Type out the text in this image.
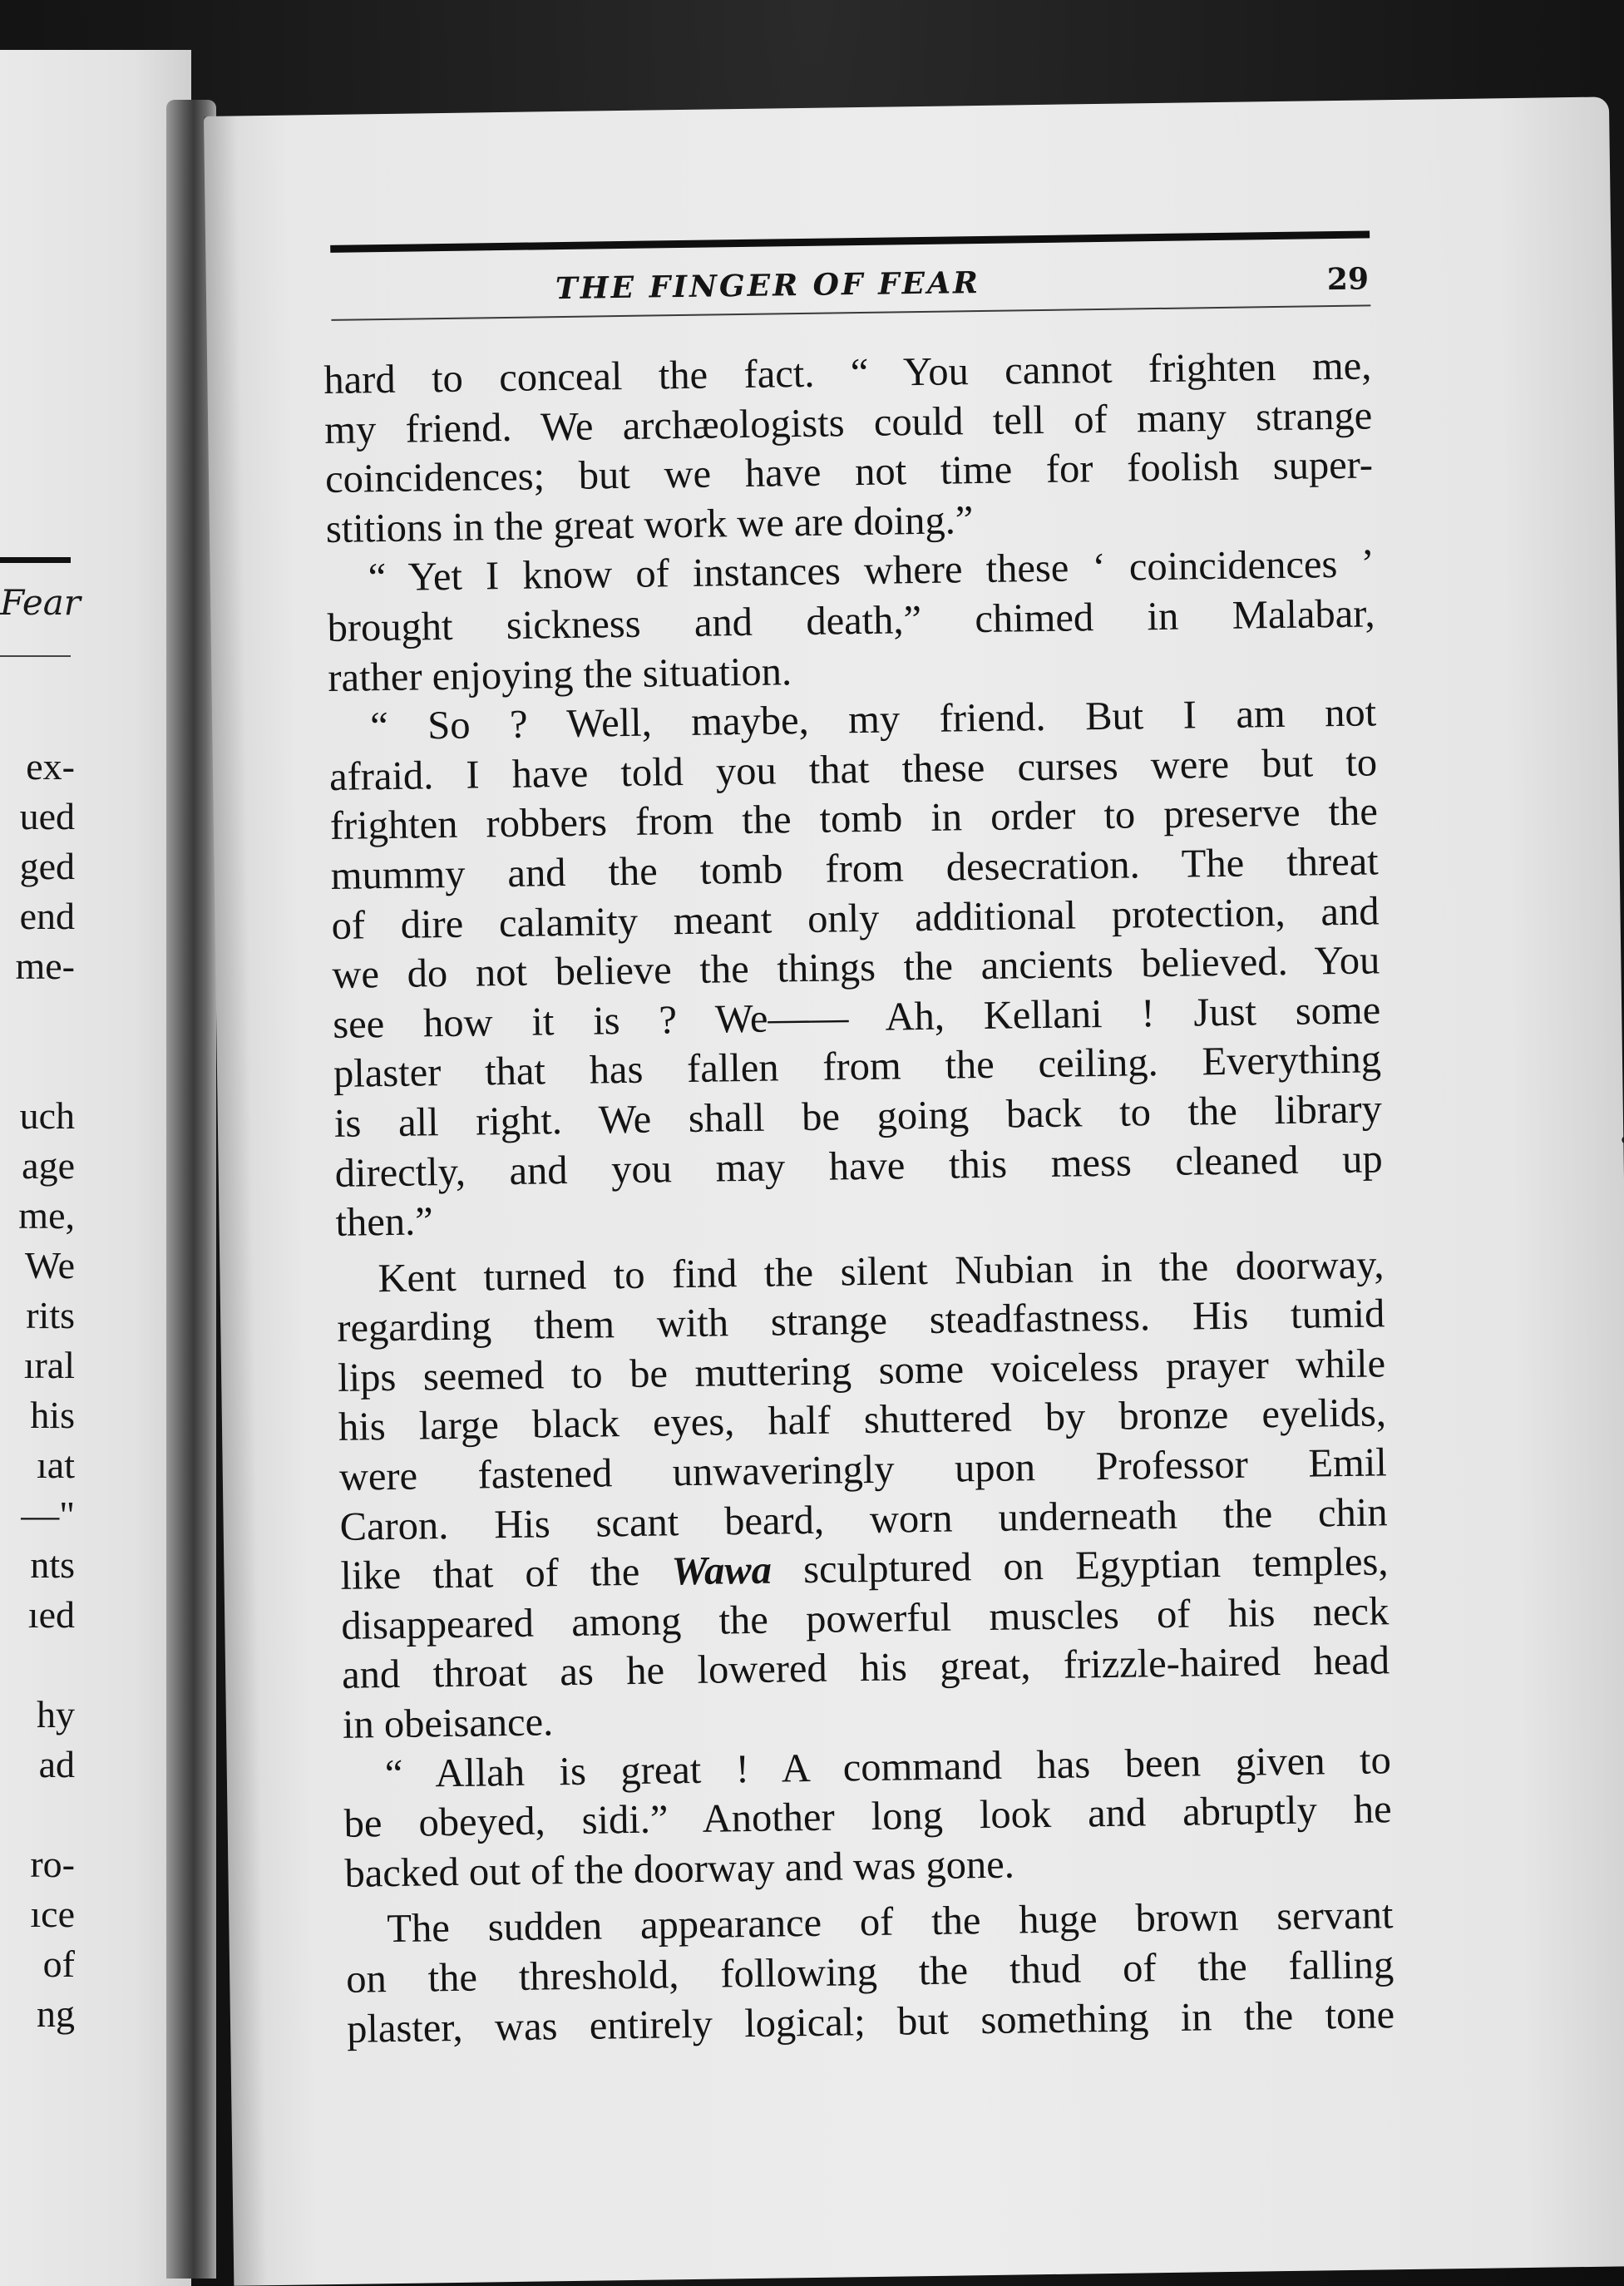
Fear
ex-
ued
ged
end
me-
uch
age
me,
We
rits
ıral
his
ıat
—"
nts
ıed
hy
ad
ro-
ıce
of
ng
THE FINGER OF FEAR	29
hard to conceal the fact. “ You cannot frighten me,
my friend. We archæologists could tell of many strange
coincidences; but we have not time for foolish super-
stitions in the great work we are doing.”
“ Yet I know of instances where these ‘ coincidences ’
brought sickness and death,” chimed in Malabar,
rather enjoying the situation.
“ So ? Well, maybe, my friend. But I am not
afraid. I have told you that these curses were but to
frighten robbers from the tomb in order to preserve the
mummy and the tomb from desecration. The threat
of dire calamity meant only additional protection, and
we do not believe the things the ancients believed. You
see how it is ? We—— Ah, Kellani ! Just some
plaster that has fallen from the ceiling. Everything
is all right. We shall be going back to the library
directly, and you may have this mess cleaned up
then.”
Kent turned to find the silent Nubian in the doorway,
regarding them with strange steadfastness. His tumid
lips seemed to be muttering some voiceless prayer while
his large black eyes, half shuttered by bronze eyelids,
were fastened unwaveringly upon Professor Emil
Caron. His scant beard, worn underneath the chin
like that of the Wawa sculptured on Egyptian temples,
disappeared among the powerful muscles of his neck
and throat as he lowered his great, frizzle-haired head
in obeisance.
“ Allah is great ! A command has been given to
be obeyed, sidi.” Another long look and abruptly he
backed out of the doorway and was gone.
The sudden appearance of the huge brown servant
on the threshold, following the thud of the falling
plaster, was entirely logical; but something in the tone
